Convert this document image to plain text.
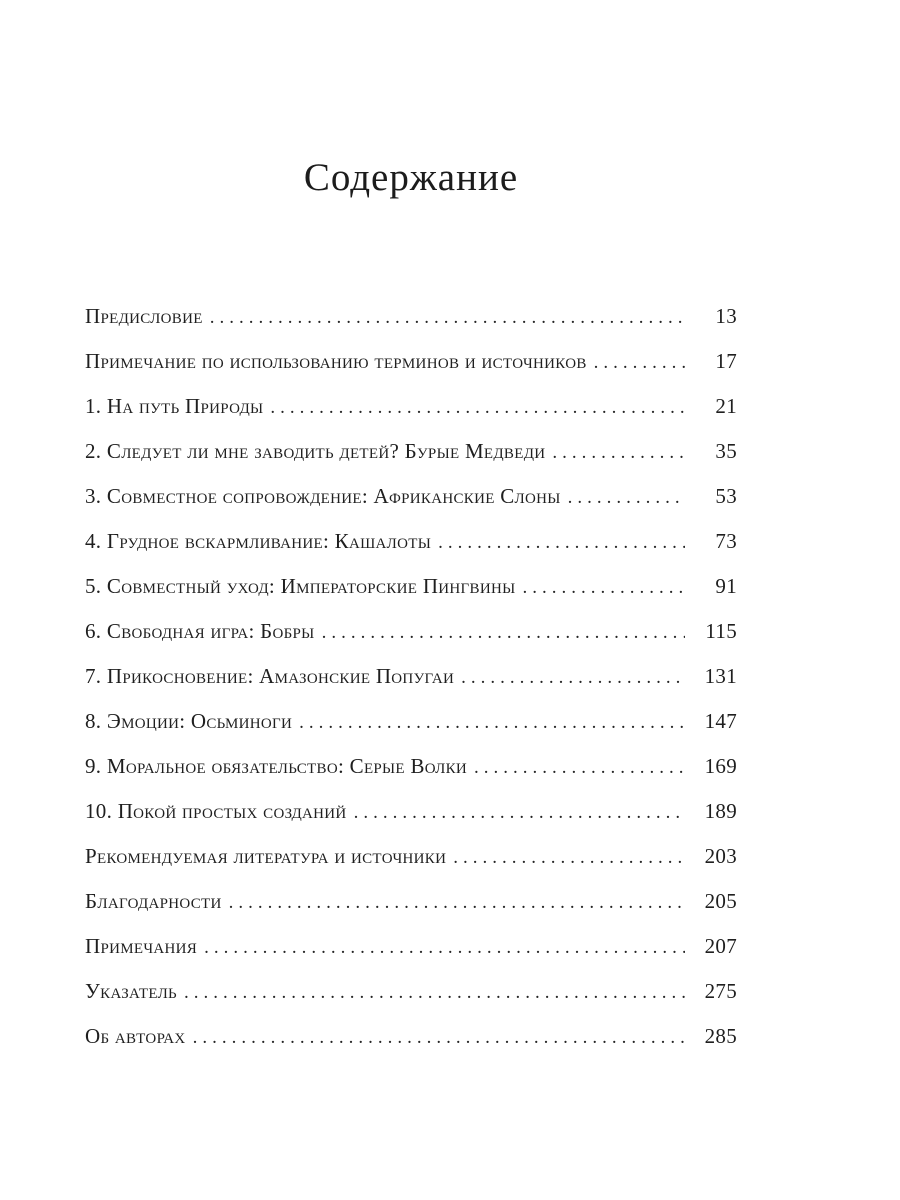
Содержание
Предисловие .....	13
Примечание по использованию терминов и источников .....	17
1. На путь Природы .....	21
2. Следует ли мне заводить детей? Бурые Медведи .....	35
3. Совместное сопровождение: Африканские Слоны .....	53
4. Грудное вскармливание: Кашалоты .....	73
5. Совместный уход: Императорские Пингвины .....	91
6. Свободная игра: Бобры .....	115
7. Прикосновение: Амазонские Попугаи .....	131
8. Эмоции: Осьминоги .....	147
9. Моральное обязательство: Серые Волки .....	169
10. Покой простых созданий .....	189
Рекомендуемая литература и источники .....	203
Благодарности .....	205
Примечания .....	207
Указатель .....	275
Об авторах .....	285
